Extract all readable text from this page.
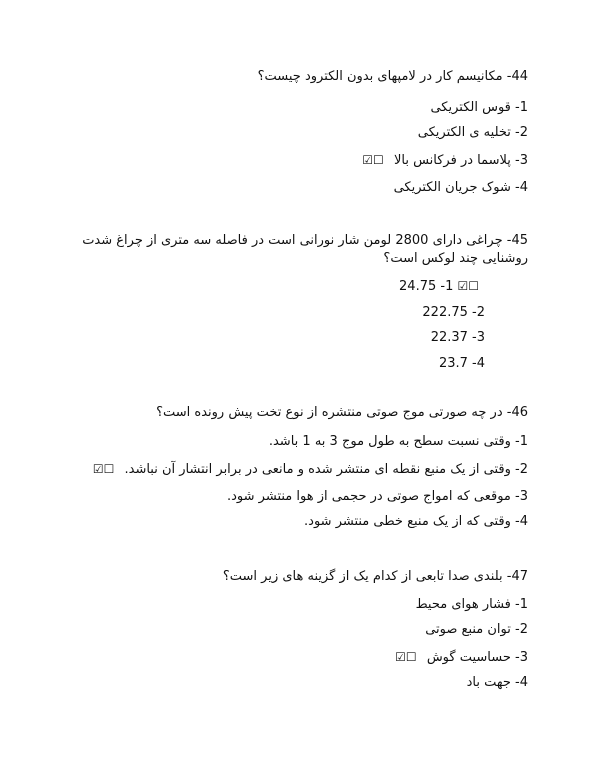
44- مکانیسم کار در لامپهای بدون الکترود چیست؟
1- قوس الکتریکی
2- تخلیه ی الکتریکی
3- پلاسما در فرکانس بالا ☑☐
4- شوک جریان الکتریکی
45- چراغی دارای 2800 لومن شار نورانی است در فاصله سه متری از چراغ شدت روشنایی چند لوکس است؟
24.75 -1 ☑☐
222.75 -2
22.37 -3
23.7 -4
46- در چه صورتی موج صوتی منتشره از نوع تخت پیش رونده است؟
1- وقتی نسبت سطح به طول موج 3 به 1 باشد.
2- وقتی از یک منبع نقطه ای منتشر شده و مانعی در برابر انتشار آن نباشد. ☑☐
3- موقعی که امواج صوتی در حجمی از هوا منتشر شود.
4- وقتی که از یک منبع خطی منتشر شود.
47- بلندی صدا تابعی از کدام یک از گزینه های زیر است؟
1- فشار هوای محیط
2- توان منبع صوتی
3- حساسیت گوش ☑☐
4- جهت باد
